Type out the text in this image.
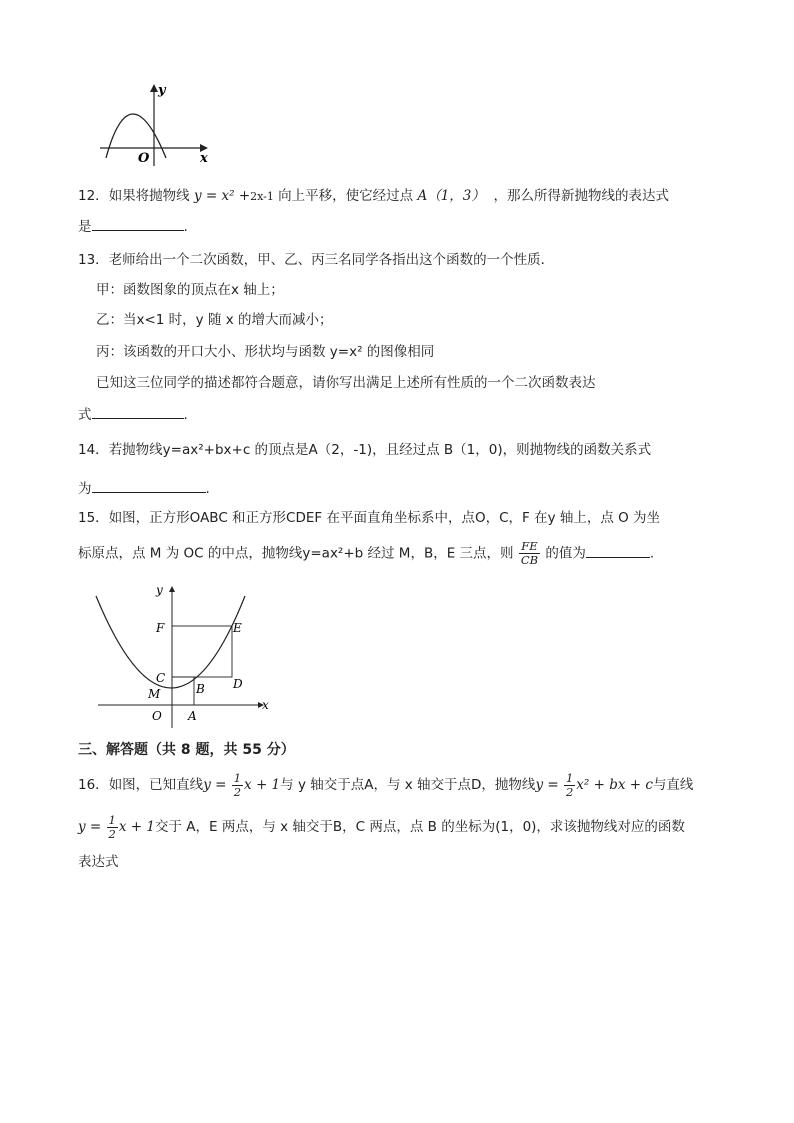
y
x
O
12．如果将抛物线 y = x² +2x-1 向上平移，使它经过点 A（1，3） ，那么所得新抛物线的表达式
是	.
13．老师给出一个二次函数，甲、乙、丙三名同学各指出这个函数的一个性质．
甲：函数图象的顶点在x 轴上；
乙：当x<1 时，y 随 x 的增大而减小；
丙：该函数的开口大小、形状均与函数 y=x² 的图像相同
已知这三位同学的描述都符合题意，请你写出满足上述所有性质的一个二次函数表达
式	.
14．若抛物线y=ax²+bx+c 的顶点是A（2，-1)，且经过点 B（1，0)，则抛物线的函数关系式
为	.
15．如图，正方形OABC 和正方形CDEF 在平面直角坐标系中，点O，C，F 在y 轴上，点 O 为坐
标原点，点 M 为 OC 的中点，抛物线y=ax²+b 经过 M，B，E 三点，则 $\frac{FE}{CB}$ 的值为	.
y
x
F	E
C	D
M	B
O A
三、解答题（共 8 题，共 55 分）
16．如图，已知直线$y = \frac{1}{2}$ x + 1与 y 轴交于点A，与 x 轴交于点D，抛物线$y = \frac{1}{2} x^2$ + bx + c与直线
$y = \frac{1}{2}$ x + 1交于 A，E 两点，与 x 轴交于B，C 两点，点 B 的坐标为(1，0)，求该抛物线对应的函数
表达式
